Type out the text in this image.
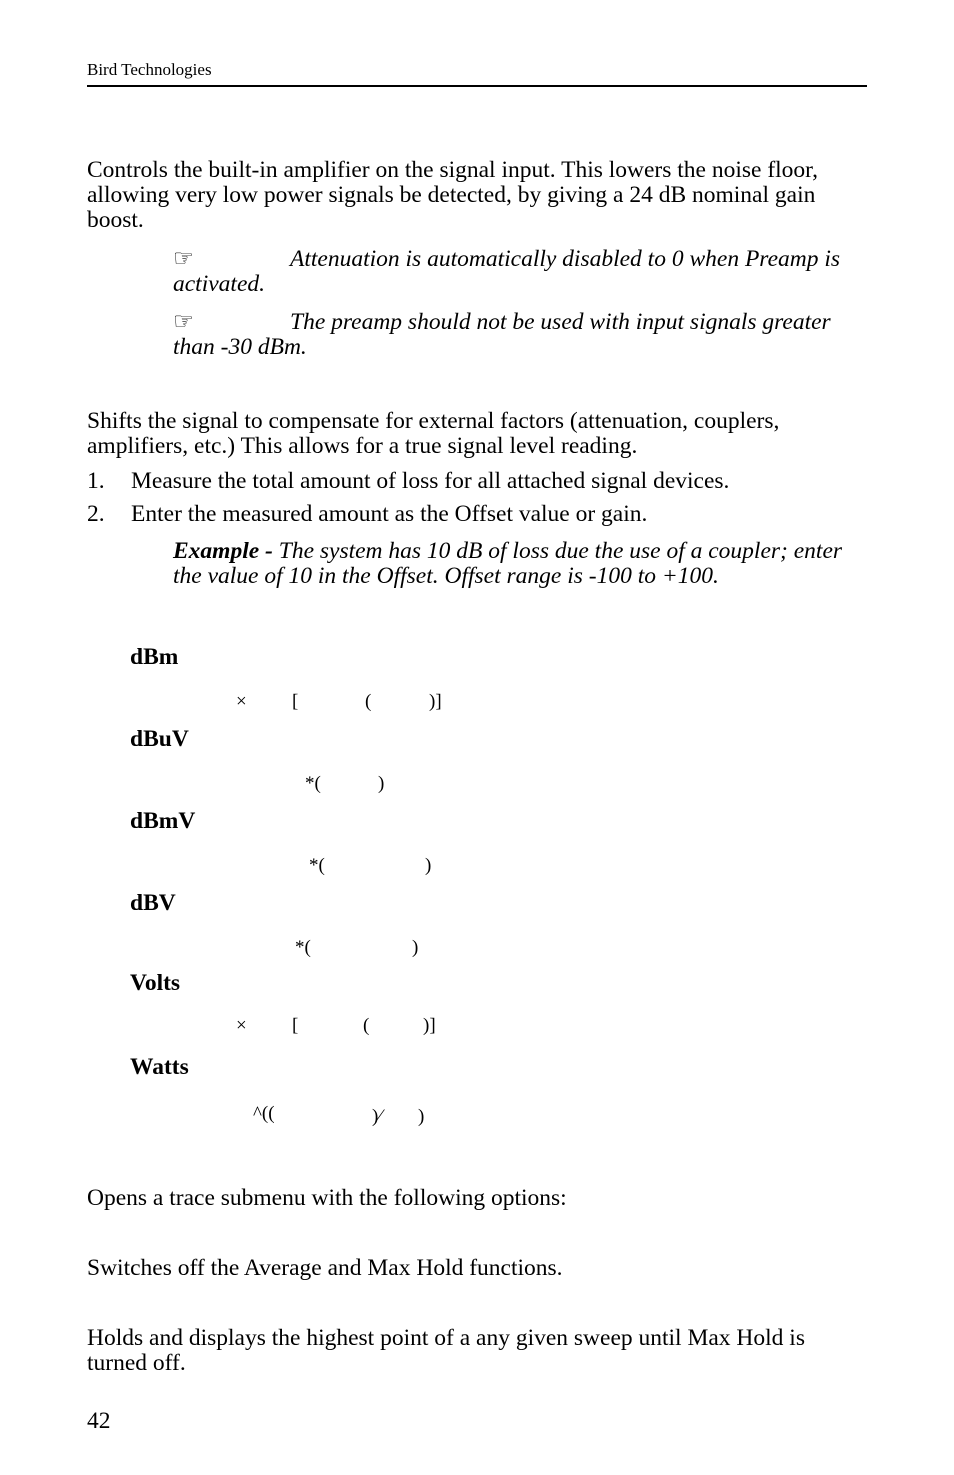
Bird Technologies
Controls the built-in amplifier on the signal input. This lowers the noise floor, allowing very low power signals be detected, by giving a 24 dB nominal gain boost.
☞	Attenuation is automatically disabled to 0 when Preamp is activated.
☞	The preamp should not be used with input signals greater than -30 dBm.
Shifts the signal to compensate for external factors (attenuation, couplers, amplifiers, etc.) This allows for a true signal level reading.
1. Measure the total amount of loss for all attached signal devices.
2. Enter the measured amount as the Offset value or gain.
Example - The system has 10 dB of loss due the use of a coupler; enter the value of 10 in the Offset. Offset range is -100 to +100.
dBm
× [	(	)]
dBuV
*(	)
dBmV
*(	)
dBV
*(	)
Volts
× [	(	)]
Watts
^((	)⁄ )
Opens a trace submenu with the following options:
Switches off the Average and Max Hold functions.
Holds and displays the highest point of a any given sweep until Max Hold is turned off.
42
